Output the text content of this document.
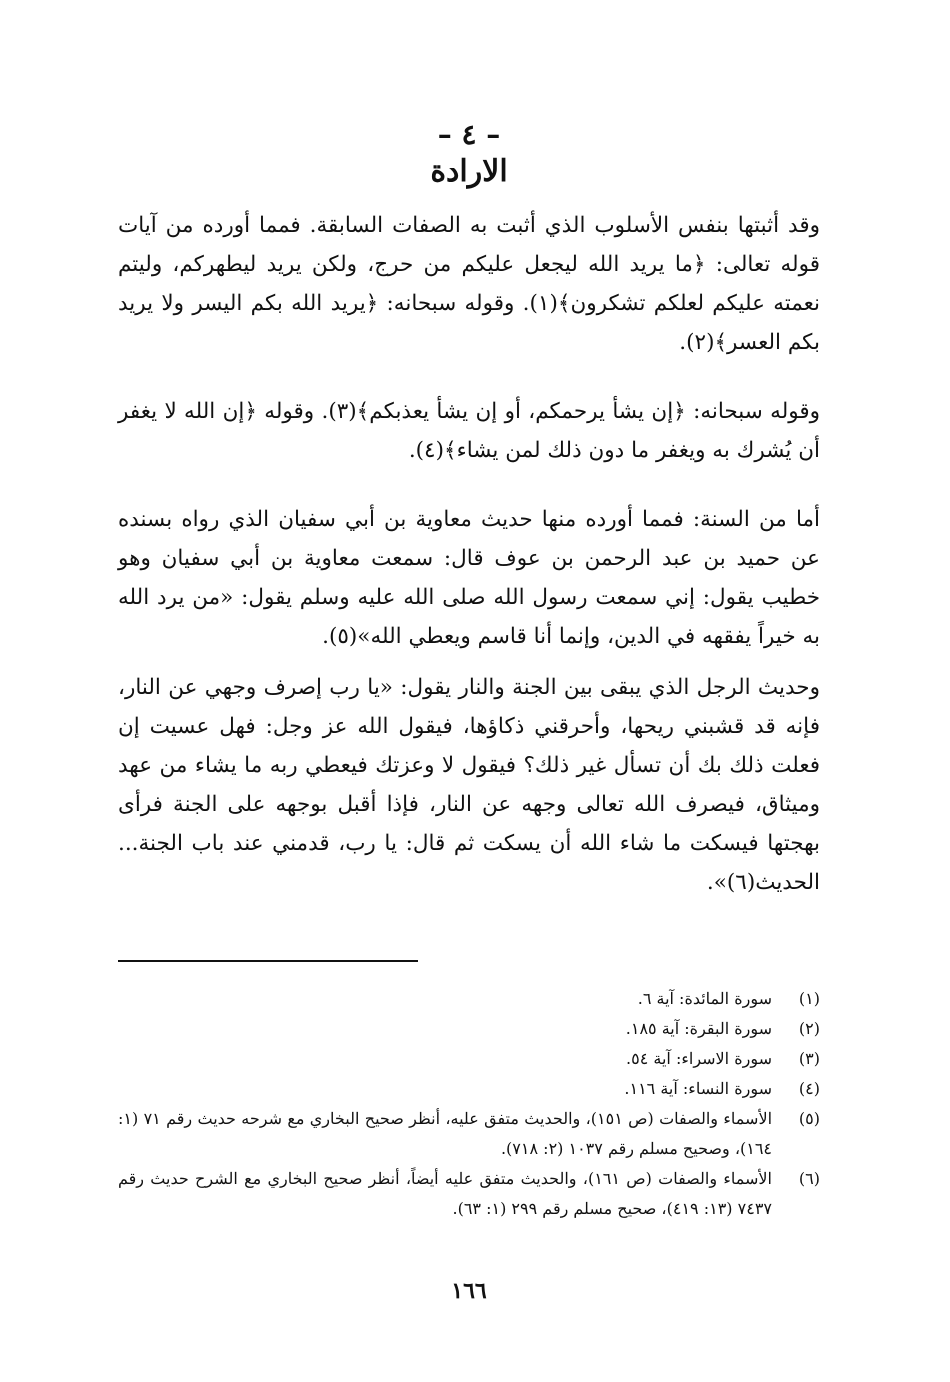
– ٤ –
الارادة

وقد أثبتها بنفس الأسلوب الذي أثبت به الصفات السابقة. فمما أورده من آيات قوله تعالى: ﴿ما يريد الله ليجعل عليكم من حرج، ولكن يريد ليطهركم، وليتم نعمته عليكم لعلكم تشكرون﴾(١). وقوله سبحانه: ﴿يريد الله بكم اليسر ولا يريد بكم العسر﴾(٢).

وقوله سبحانه: ﴿إن يشأ يرحمكم، أو إن يشأ يعذبكم﴾(٣). وقوله ﴿إن الله لا يغفر أن يُشرك به ويغفر ما دون ذلك لمن يشاء﴾(٤).

أما من السنة: فمما أورده منها حديث معاوية بن أبي سفيان الذي رواه بسنده عن حميد بن عبد الرحمن بن عوف قال: سمعت معاوية بن أبي سفيان وهو خطيب يقول: إني سمعت رسول الله صلى الله عليه وسلم يقول: «من يرد الله به خيراً يفقهه في الدين، وإنما أنا قاسم ويعطي الله»(٥).

وحديث الرجل الذي يبقى بين الجنة والنار يقول: «يا رب إصرف وجهي عن النار، فإنه قد قشبني ريحها، وأحرقني ذكاؤها، فيقول الله عز وجل: فهل عسيت إن فعلت ذلك بك أن تسأل غير ذلك؟ فيقول لا وعزتك فيعطي ربه ما يشاء من عهد وميثاق، فيصرف الله تعالى وجهه عن النار، فإذا أقبل بوجهه على الجنة فرأى بهجتها فيسكت ما شاء الله أن يسكت ثم قال: يا رب، قدمني عند باب الجنة... الحديث(٦)».

(١)
سورة المائدة: آية ٦.
(٢)
سورة البقرة: آية ١٨٥.
(٣)
سورة الاسراء: آية ٥٤.
(٤)
سورة النساء: آية ١١٦.
(٥)
الأسماء والصفات (ص ١٥١)، والحديث متفق عليه، أنظر صحيح البخاري مع شرحه حديث رقم ٧١ (١: ١٦٤)، وصحيح مسلم رقم ١٠٣٧ (٢: ٧١٨).
(٦)
الأسماء والصفات (ص ١٦١)، والحديث متفق عليه أيضاً، أنظر صحيح البخاري مع الشرح حديث رقم ٧٤٣٧ (١٣: ٤١٩)، صحيح مسلم رقم ٢٩٩ (١: ٦٣).
١٦٦
